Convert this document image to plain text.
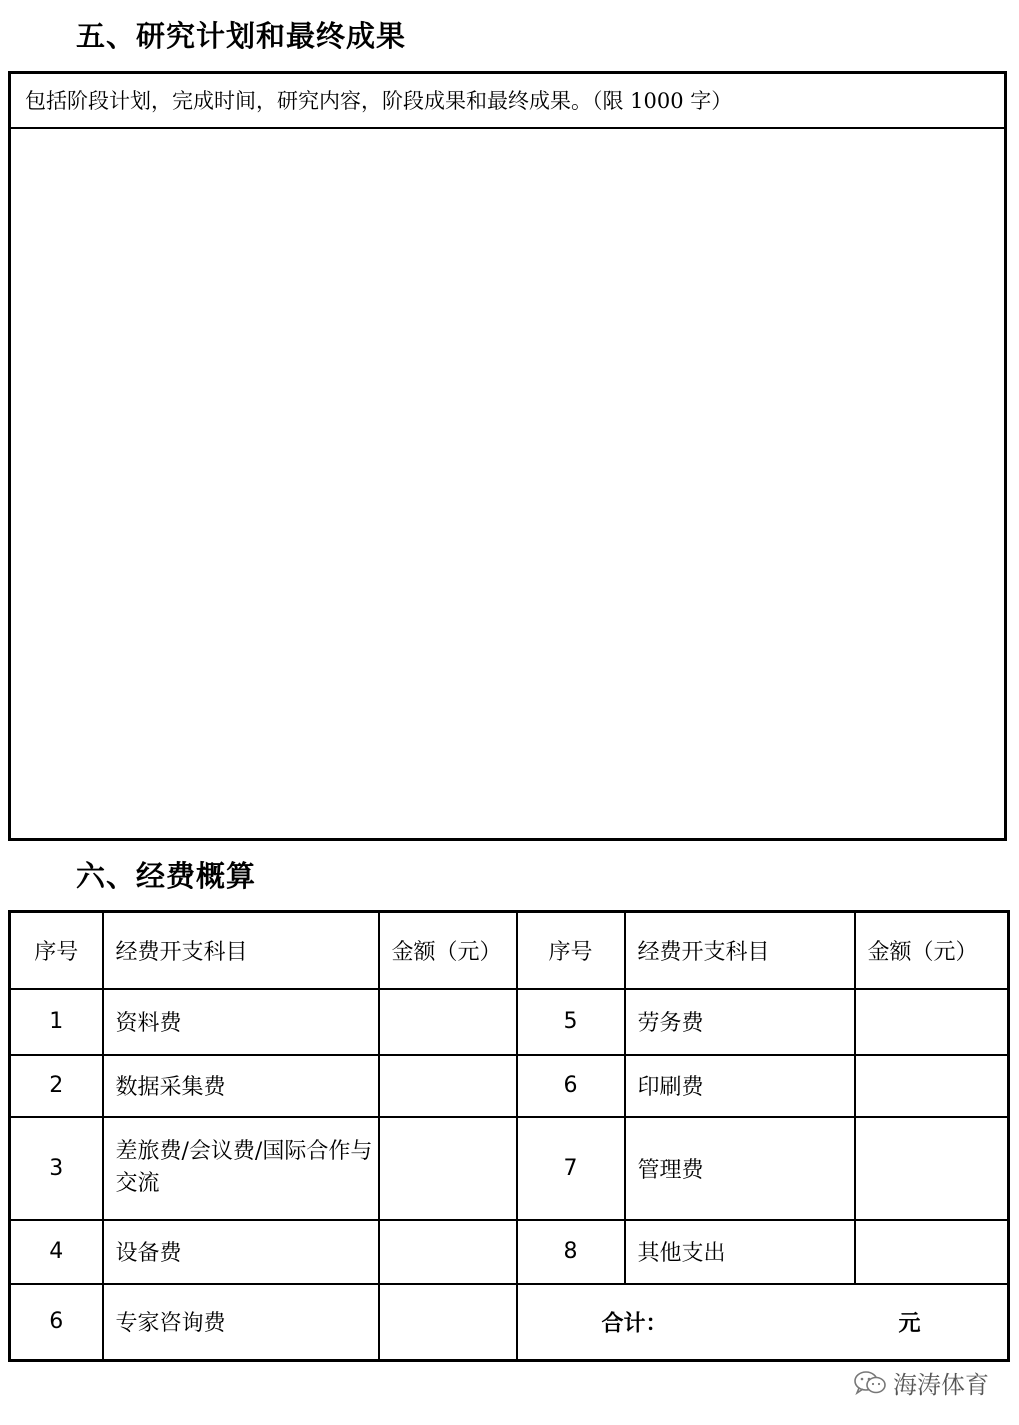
五、研究计划和最终成果
包括阶段计划，完成时间，研究内容，阶段成果和最终成果。（限 1000 字）
六、经费概算
序号	经费开支科目	金额（元）	序号	经费开支科目	金额（元）
1	资料费		5	劳务费	
2	数据采集费		6	印刷费	
3	差旅费/会议费/国际合作与交流		7	管理费	
4	设备费		8	其他支出	
6	专家咨询费		合计： 元		
海涛体育
